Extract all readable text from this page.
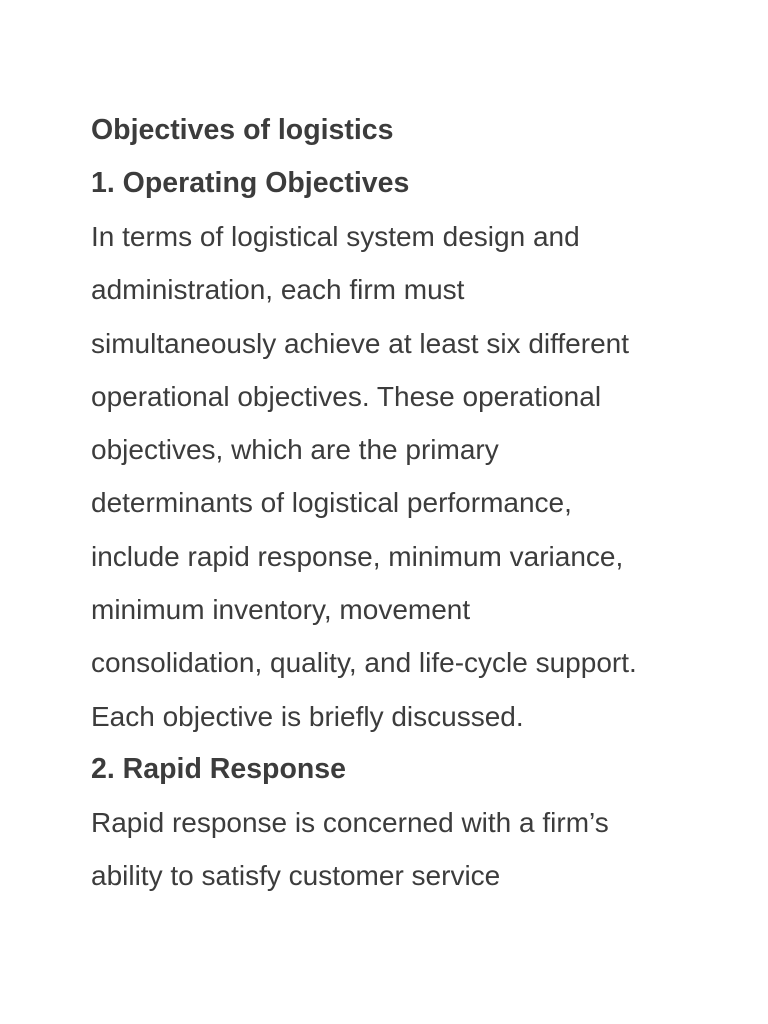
Objectives of logistics
1. Operating Objectives

In terms of logistical system design and
administration, each firm must
simultaneously achieve at least six different
operational objectives. These operational
objectives, which are the primary
determinants of logistical performance,
include rapid response, minimum variance,
minimum inventory, movement
consolidation, quality, and life-cycle support.
Each objective is briefly discussed.

2. Rapid Response

Rapid response is concerned with a firm’s
ability to satisfy customer service
